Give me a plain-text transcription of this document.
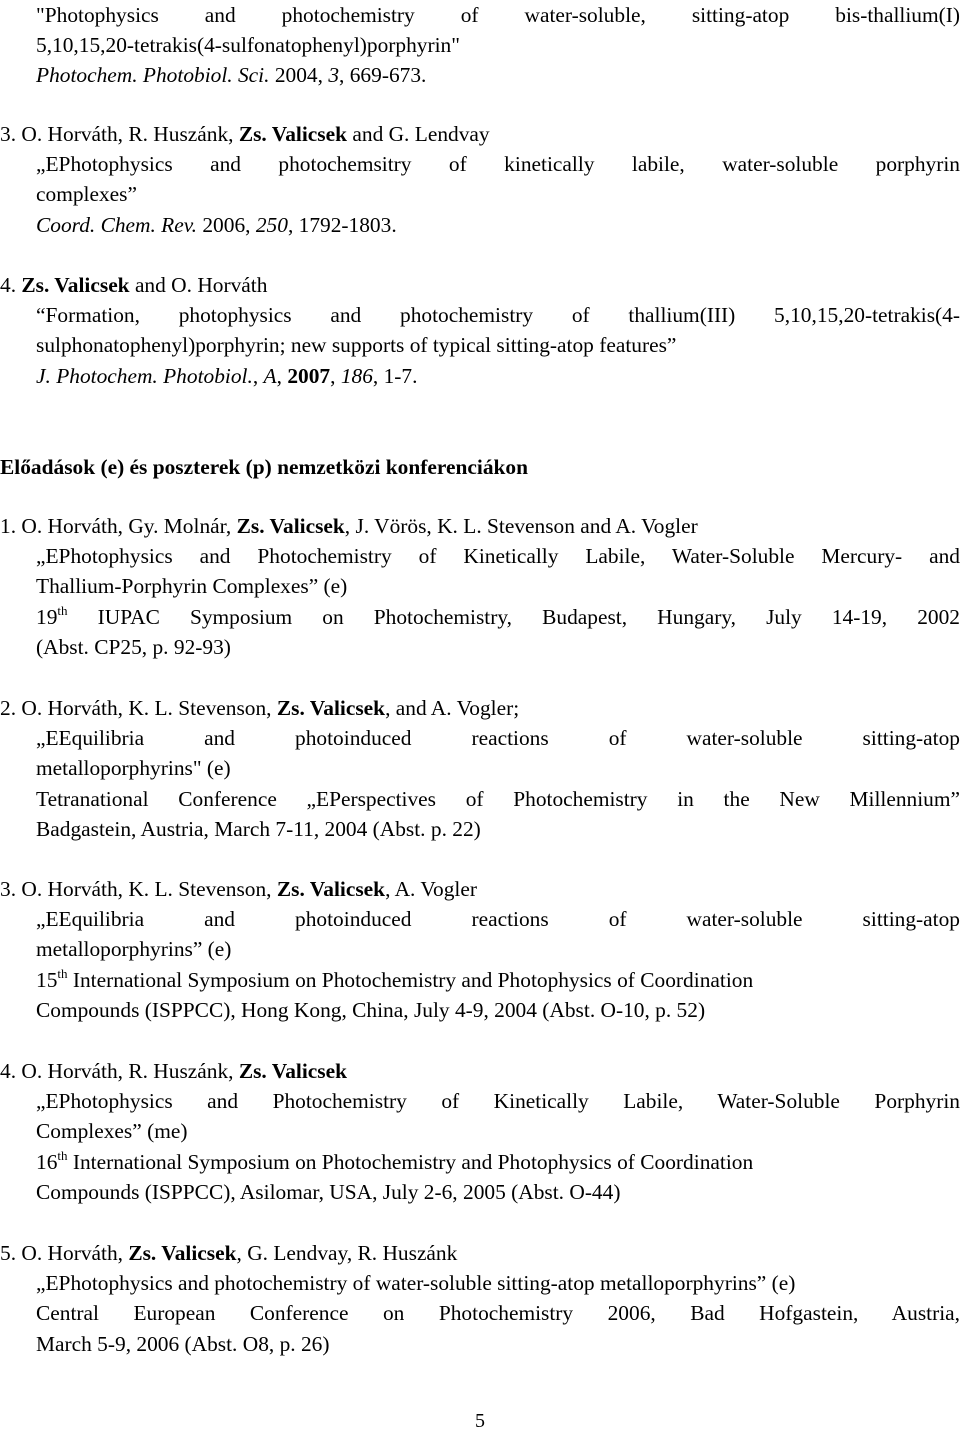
"Photophysics and photochemistry of water-soluble, sitting-atop bis-thallium(I)
5,10,15,20-tetrakis(4-sulfonatophenyl)porphyrin"
Photochem. Photobiol. Sci. 2004, 3, 669-673.
3. O. Horváth, R. Huszánk, Zs. Valicsek and G. Lendvay
„EPhotophysics and photochemsitry of kinetically labile, water-soluble porphyrin
complexes”
Coord. Chem. Rev. 2006, 250, 1792-1803.
4. Zs. Valicsek and O. Horváth
“Formation, photophysics and photochemistry of thallium(III) 5,10,15,20-tetrakis(4-
sulphonatophenyl)porphyrin; new supports of typical sitting-atop features”
J. Photochem. Photobiol., A, 2007, 186, 1-7.
Előadások (e) és poszterek (p) nemzetközi konferenciákon
1. O. Horváth, Gy. Molnár, Zs. Valicsek, J. Vörös, K. L. Stevenson and A. Vogler
„EPhotophysics and Photochemistry of Kinetically Labile, Water-Soluble Mercury- and
Thallium-Porphyrin Complexes” (e)
19th IUPAC Symposium on Photochemistry, Budapest, Hungary, July 14-19, 2002
(Abst. CP25, p. 92-93)
2. O. Horváth, K. L. Stevenson, Zs. Valicsek, and A. Vogler;
„EEquilibria and photoinduced reactions of water-soluble sitting-atop
metalloporphyrins" (e)
Tetranational Conference „EPerspectives of Photochemistry in the New Millennium”
Badgastein, Austria, March 7-11, 2004 (Abst. p. 22)
3. O. Horváth, K. L. Stevenson, Zs. Valicsek, A. Vogler
„EEquilibria and photoinduced reactions of water-soluble sitting-atop
metalloporphyrins” (e)
15th International Symposium on Photochemistry and Photophysics of Coordination
Compounds (ISPPCC), Hong Kong, China, July 4-9, 2004 (Abst. O-10, p. 52)
4. O. Horváth, R. Huszánk, Zs. Valicsek
„EPhotophysics and Photochemistry of Kinetically Labile, Water-Soluble Porphyrin
Complexes” (me)
16th International Symposium on Photochemistry and Photophysics of Coordination
Compounds (ISPPCC), Asilomar, USA, July 2-6, 2005 (Abst. O-44)
5. O. Horváth, Zs. Valicsek, G. Lendvay, R. Huszánk
„EPhotophysics and photochemistry of water-soluble sitting-atop metalloporphyrins” (e)
Central European Conference on Photochemistry 2006, Bad Hofgastein, Austria,
March 5-9, 2006 (Abst. O8, p. 26)
5
